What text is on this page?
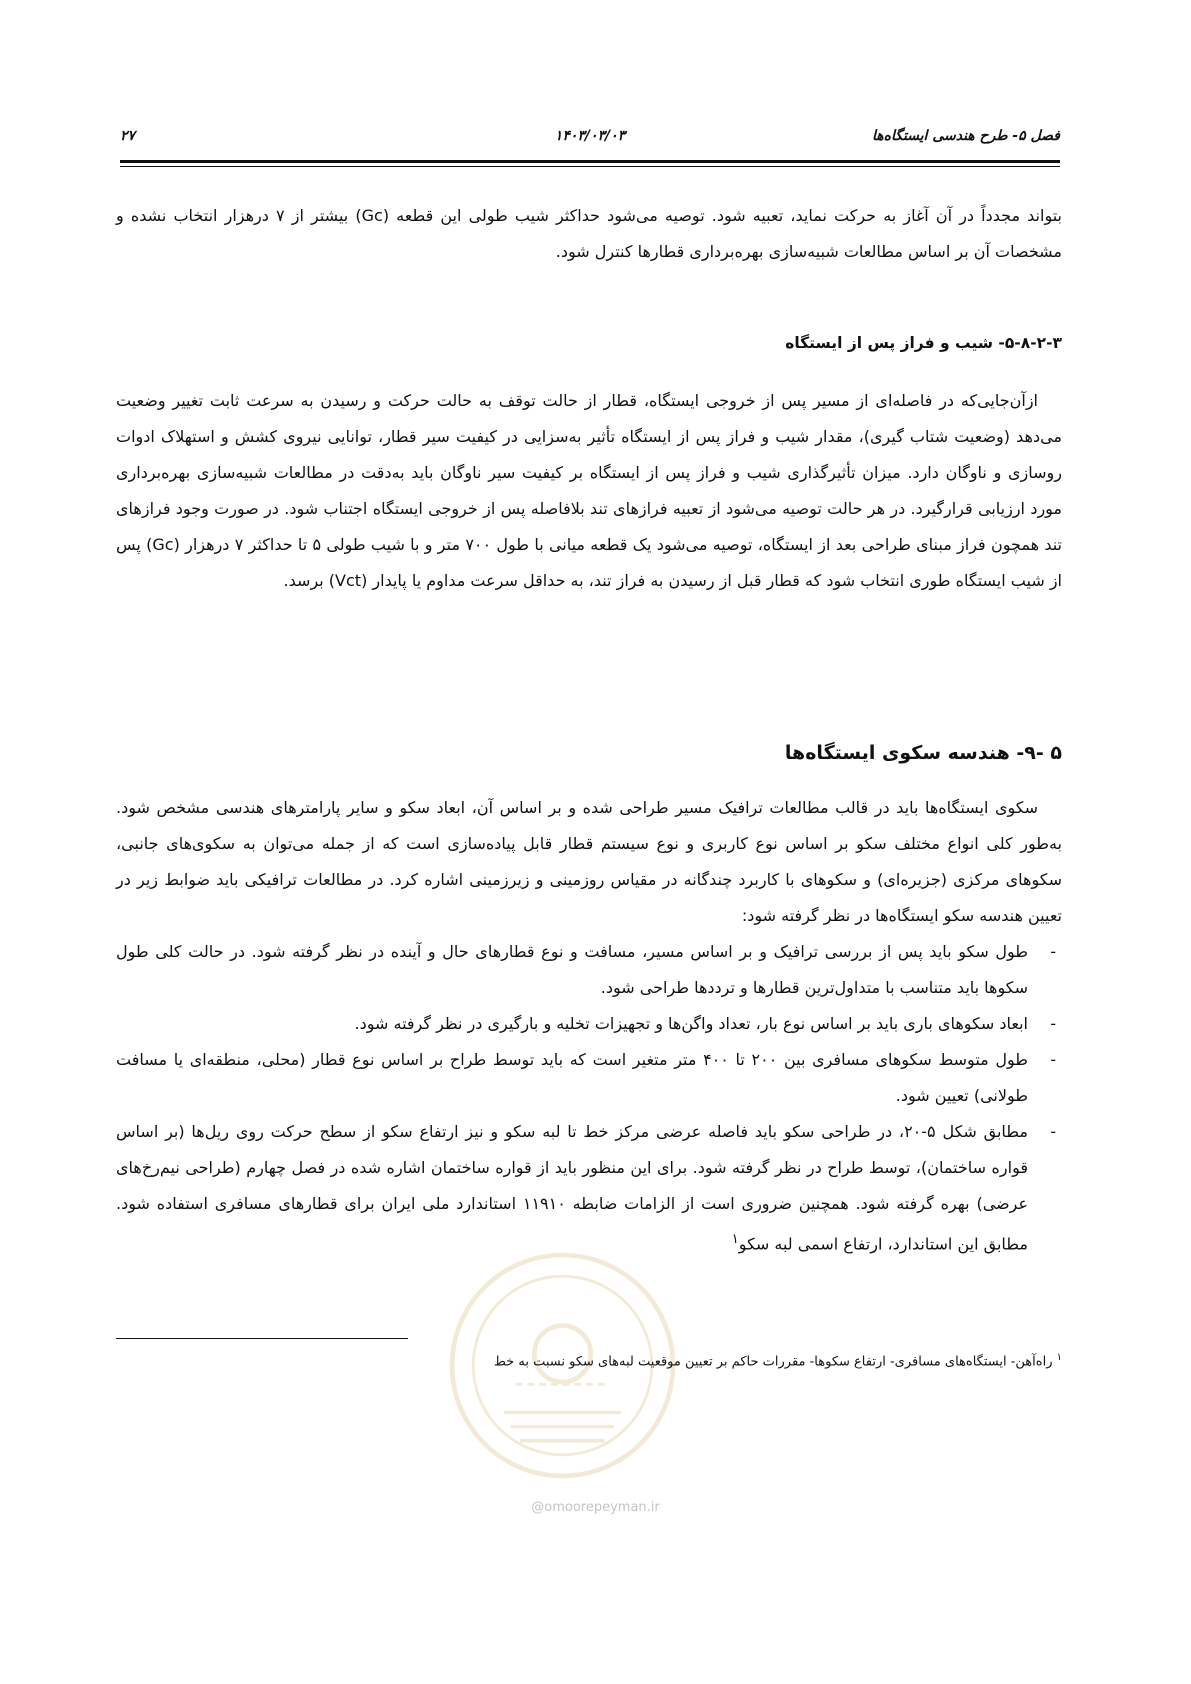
فصل ۵- طرح هندسی ایستگاه‌ها
۱۴۰۳/۰۳/۰۳
۲۷

بتواند مجدداً در آن آغاز به حرکت نماید، تعبیه شود. توصیه می‌شود حداکثر شیب طولی این قطعه (Gc) بیشتر از ۷ درهزار انتخاب نشده و مشخصات آن بر اساس مطالعات شبیه‌سازی بهره‌برداری قطارها کنترل شود.

۵-۸-۲-۳- شیب و فراز پس از ایستگاه

ازآن‌جایی‌که در فاصله‌ای از مسیر پس از خروجی ایستگاه، قطار از حالت توقف به حالت حرکت و رسیدن به سرعت ثابت تغییر وضعیت می‌دهد (وضعیت شتاب گیری)، مقدار شیب و فراز پس از ایستگاه تأثیر به‌سزایی در کیفیت سیر قطار، توانایی نیروی کشش و استهلاک ادوات روسازی و ناوگان دارد. میزان تأثیرگذاری شیب و فراز پس از ایستگاه بر کیفیت سیر ناوگان باید به‌دقت در مطالعات شبیه‌سازی بهره‌برداری مورد ارزیابی قرارگیرد. در هر حالت توصیه می‌شود از تعبیه فرازهای تند بلافاصله پس از خروجی ایستگاه اجتناب شود. در صورت وجود فرازهای تند همچون فراز مبنای طراحی بعد از ایستگاه، توصیه می‌شود یک قطعه میانی با طول ۷۰۰ متر و با شیب طولی ۵ تا حداکثر ۷ درهزار (Gc) پس از شیب ایستگاه طوری انتخاب شود که قطار قبل از رسیدن به فراز تند، به حداقل سرعت مداوم یا پایدار (Vct) برسد.

۵ -۹- هندسه سکوی ایستگاه‌ها

سکوی ایستگاه‌ها باید در قالب مطالعات ترافیک مسیر طراحی شده و بر اساس آن، ابعاد سکو و سایر پارامترهای هندسی مشخص شود. به‌طور کلی انواع مختلف سکو بر اساس نوع کاربری و نوع سیستم قطار قابل پیاده‌سازی است که از جمله می‌توان به سکوی‌های جانبی، سکوهای مرکزی (جزیره‌ای) و سکوهای با کاربرد چندگانه در مقیاس روزمینی و زیرزمینی اشاره کرد. در مطالعات ترافیکی باید ضوابط زیر در تعیین هندسه سکو ایستگاه‌ها در نظر گرفته شود:

- طول سکو باید پس از بررسی ترافیک و بر اساس مسیر، مسافت و نوع قطارهای حال و آینده در نظر گرفته شود. در حالت کلی طول سکوها باید متناسب با متداول‌ترین قطارها و ترددها طراحی شود.
- ابعاد سکوهای باری باید بر اساس نوع بار، تعداد واگن‌ها و تجهیزات تخلیه و بارگیری در نظر گرفته شود.
- طول متوسط سکوهای مسافری بین ۲۰۰ تا ۴۰۰ متر متغیر است که باید توسط طراح بر اساس نوع قطار (محلی، منطقه‌ای یا مسافت طولانی) تعیین شود.
- مطابق شکل ۵-۲۰، در طراحی سکو باید فاصله عرضی مرکز خط تا لبه سکو و نیز ارتفاع سکو از سطح حرکت روی ریل‌ها (بر اساس قواره ساختمان)، توسط طراح در نظر گرفته شود. برای این منظور باید از قواره ساختمان اشاره شده در فصل چهارم (طراحی نیم‌رخ‌های عرضی) بهره گرفته شود. همچنین ضروری است از الزامات ضابطه ۱۱۹۱۰ استاندارد ملی ایران برای قطارهای مسافری استفاده شود. مطابق این استاندارد، ارتفاع اسمی لبه سکو$^۱$
$^۱$ راه‌آهن- ایستگاه‌های مسافری- ارتفاع سکوها- مقررات حاکم بر تعیین موقعیت لبه‌های سکو نسبت به خط
@omoorepeyman.ir
